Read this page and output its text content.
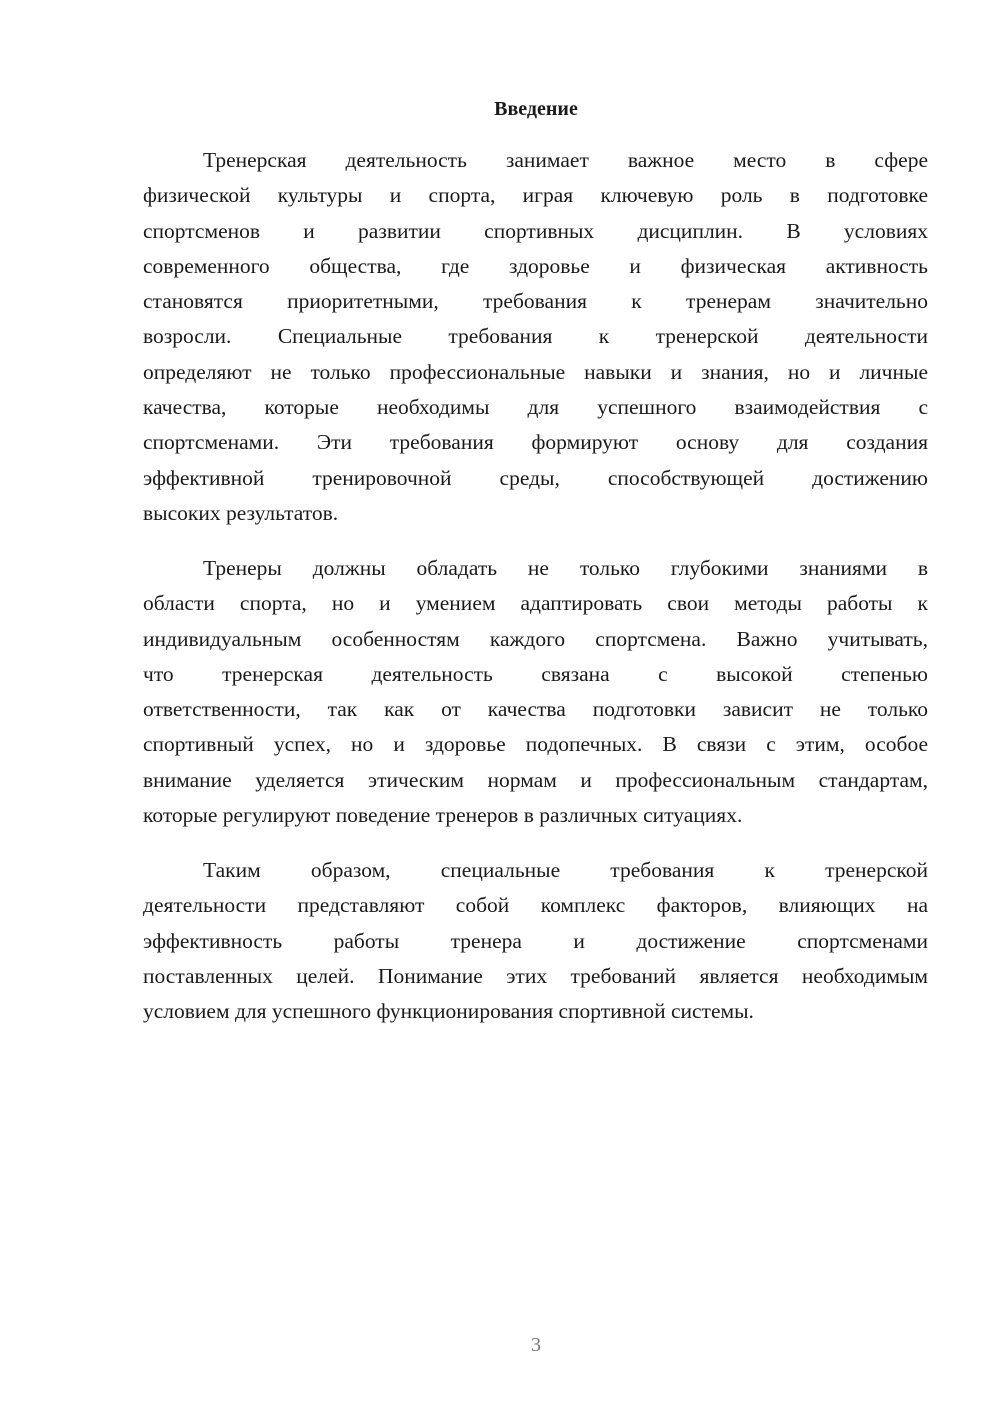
Введение
Тренерская деятельность занимает важное место в сфере
физической культуры и спорта, играя ключевую роль в подготовке
спортсменов и развитии спортивных дисциплин. В условиях
современного общества, где здоровье и физическая активность
становятся приоритетными, требования к тренерам значительно
возросли. Специальные требования к тренерской деятельности
определяют не только профессиональные навыки и знания, но и личные
качества, которые необходимы для успешного взаимодействия с
спортсменами. Эти требования формируют основу для создания
эффективной тренировочной среды, способствующей достижению
высоких результатов.
Тренеры должны обладать не только глубокими знаниями в
области спорта, но и умением адаптировать свои методы работы к
индивидуальным особенностям каждого спортсмена. Важно учитывать,
что тренерская деятельность связана с высокой степенью
ответственности, так как от качества подготовки зависит не только
спортивный успех, но и здоровье подопечных. В связи с этим, особое
внимание уделяется этическим нормам и профессиональным стандартам,
которые регулируют поведение тренеров в различных ситуациях.
Таким образом, специальные требования к тренерской
деятельности представляют собой комплекс факторов, влияющих на
эффективность работы тренера и достижение спортсменами
поставленных целей. Понимание этих требований является необходимым
условием для успешного функционирования спортивной системы.
3
